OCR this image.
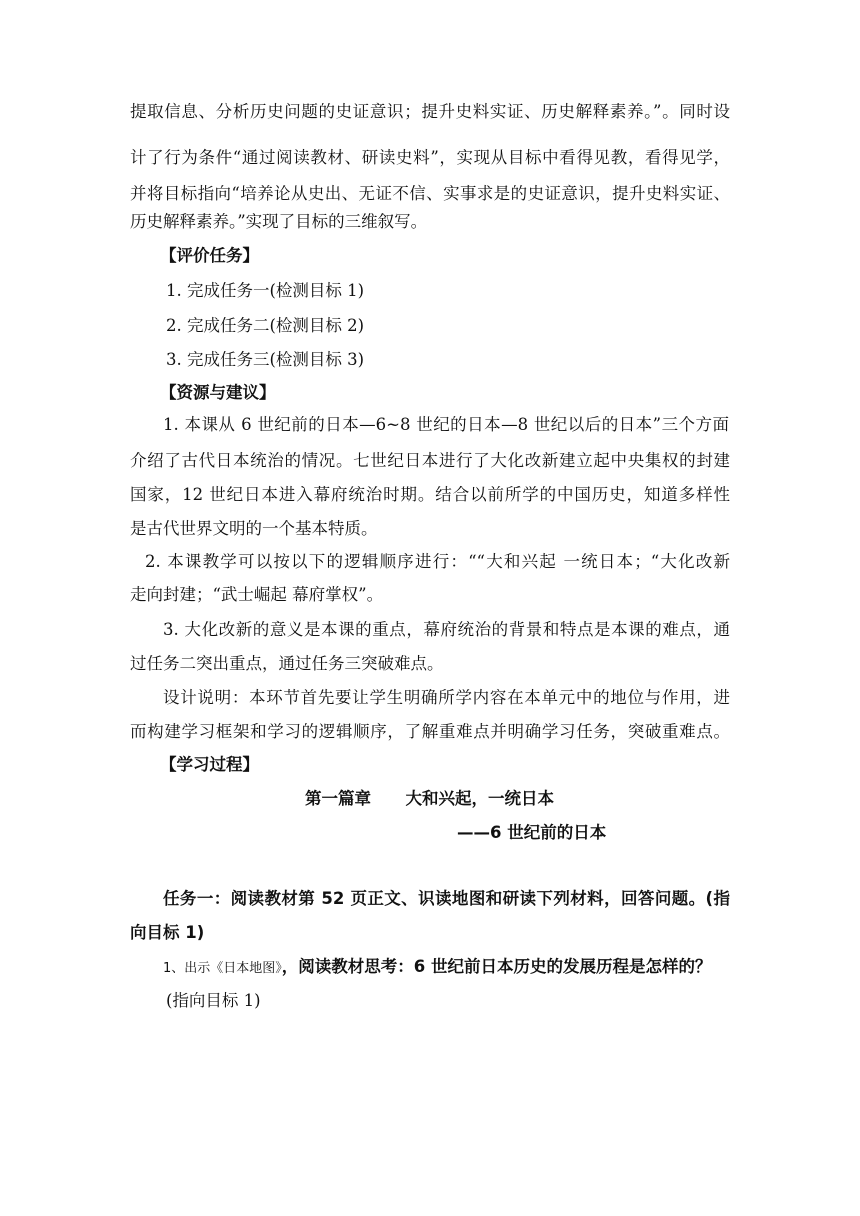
提取信息、分析历史问题的史证意识；提升史料实证、历史解释素养。”。同时设
计了行为条件“通过阅读教材、研读史料”，实现从目标中看得见教，看得见学，
并将目标指向“培养论从史出、无证不信、实事求是的史证意识，提升史料实证、
历史解释素养。”实现了目标的三维叙写。
【评价任务】
1. 完成任务一(检测目标 1)
2. 完成任务二(检测目标 2)
3. 完成任务三(检测目标 3)
【资源与建议】
1. 本课从 6 世纪前的日本—6~8 世纪的日本—8 世纪以后的日本”三个方面
介绍了古代日本统治的情况。七世纪日本进行了大化改新建立起中央集权的封建
国家，12 世纪日本进入幕府统治时期。结合以前所学的中国历史，知道多样性
是古代世界文明的一个基本特质。
2. 本课教学可以按以下的逻辑顺序进行：““大和兴起 一统日本；“大化改新
走向封建；“武士崛起 幕府掌权”。
3. 大化改新的意义是本课的重点，幕府统治的背景和特点是本课的难点，通
过任务二突出重点，通过任务三突破难点。
设计说明：本环节首先要让学生明确所学内容在本单元中的地位与作用，进
而构建学习框架和学习的逻辑顺序，了解重难点并明确学习任务，突破重难点。
【学习过程】
第一篇章      大和兴起，一统日本
——6 世纪前的日本
任务一：阅读教材第 52 页正文、识读地图和研读下列材料，回答问题。(指
向目标 1)
1、出示《日本地图》，阅读教材思考：6 世纪前日本历史的发展历程是怎样的？
(指向目标 1)
